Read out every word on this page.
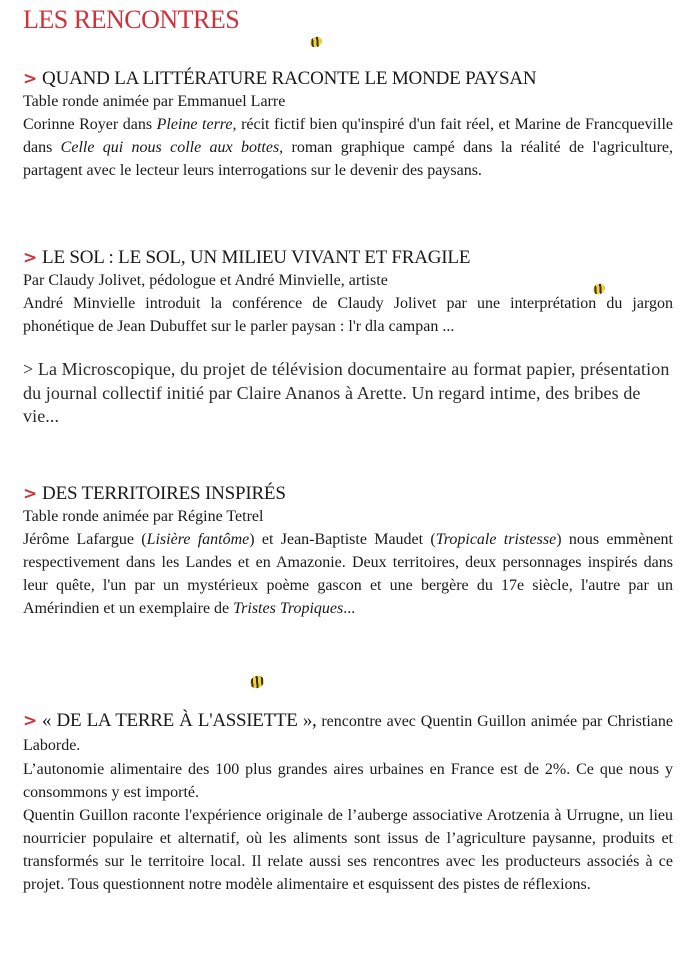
LES RENCONTRES
> QUAND LA LITTÉRATURE RACONTE LE MONDE PAYSAN

Table ronde animée par Emmanuel Larre

Corinne Royer dans Pleine terre, récit fictif bien qu'inspiré d'un fait réel, et Marine de Francqueville dans Celle qui nous colle aux bottes, roman graphique campé dans la réalité de l'agriculture, partagent avec le lecteur leurs interrogations sur le devenir des paysans.

> LE SOL : LE SOL, UN MILIEU VIVANT ET FRAGILE

Par Claudy Jolivet, pédologue et André Minvielle, artiste

André Minvielle introduit la conférence de Claudy Jolivet par une interprétation du jargon phonétique de Jean Dubuffet sur le parler paysan : l'r dla campan ...

> La Microscopique, du projet de télévision documentaire au format papier, présentation du journal collectif initié par Claire Ananos à Arette. Un regard intime, des bribes de vie...

> DES TERRITOIRES INSPIRÉS

Table ronde animée par Régine Tetrel

Jérôme Lafargue (Lisière fantôme) et Jean-Baptiste Maudet (Tropicale tristesse) nous emmènent respectivement dans les Landes et en Amazonie. Deux territoires, deux personnages inspirés dans leur quête, l'un par un mystérieux poème gascon et une bergère du 17e siècle, l'autre par un Amérindien et un exemplaire de Tristes Tropiques...

> « DE LA TERRE À L'ASSIETTE », rencontre avec Quentin Guillon animée par Christiane Laborde.

L’autonomie alimentaire des 100 plus grandes aires urbaines en France est de 2%. Ce que nous y consommons y est importé.

Quentin Guillon raconte l'expérience originale de l’auberge associative Arotzenia à Urrugne, un lieu nourricier populaire et alternatif, où les aliments sont issus de l’agriculture paysanne, produits et transformés sur le territoire local. Il relate aussi ses rencontres avec les producteurs associés à ce projet. Tous questionnent notre modèle alimentaire et esquissent des pistes de réflexions.
